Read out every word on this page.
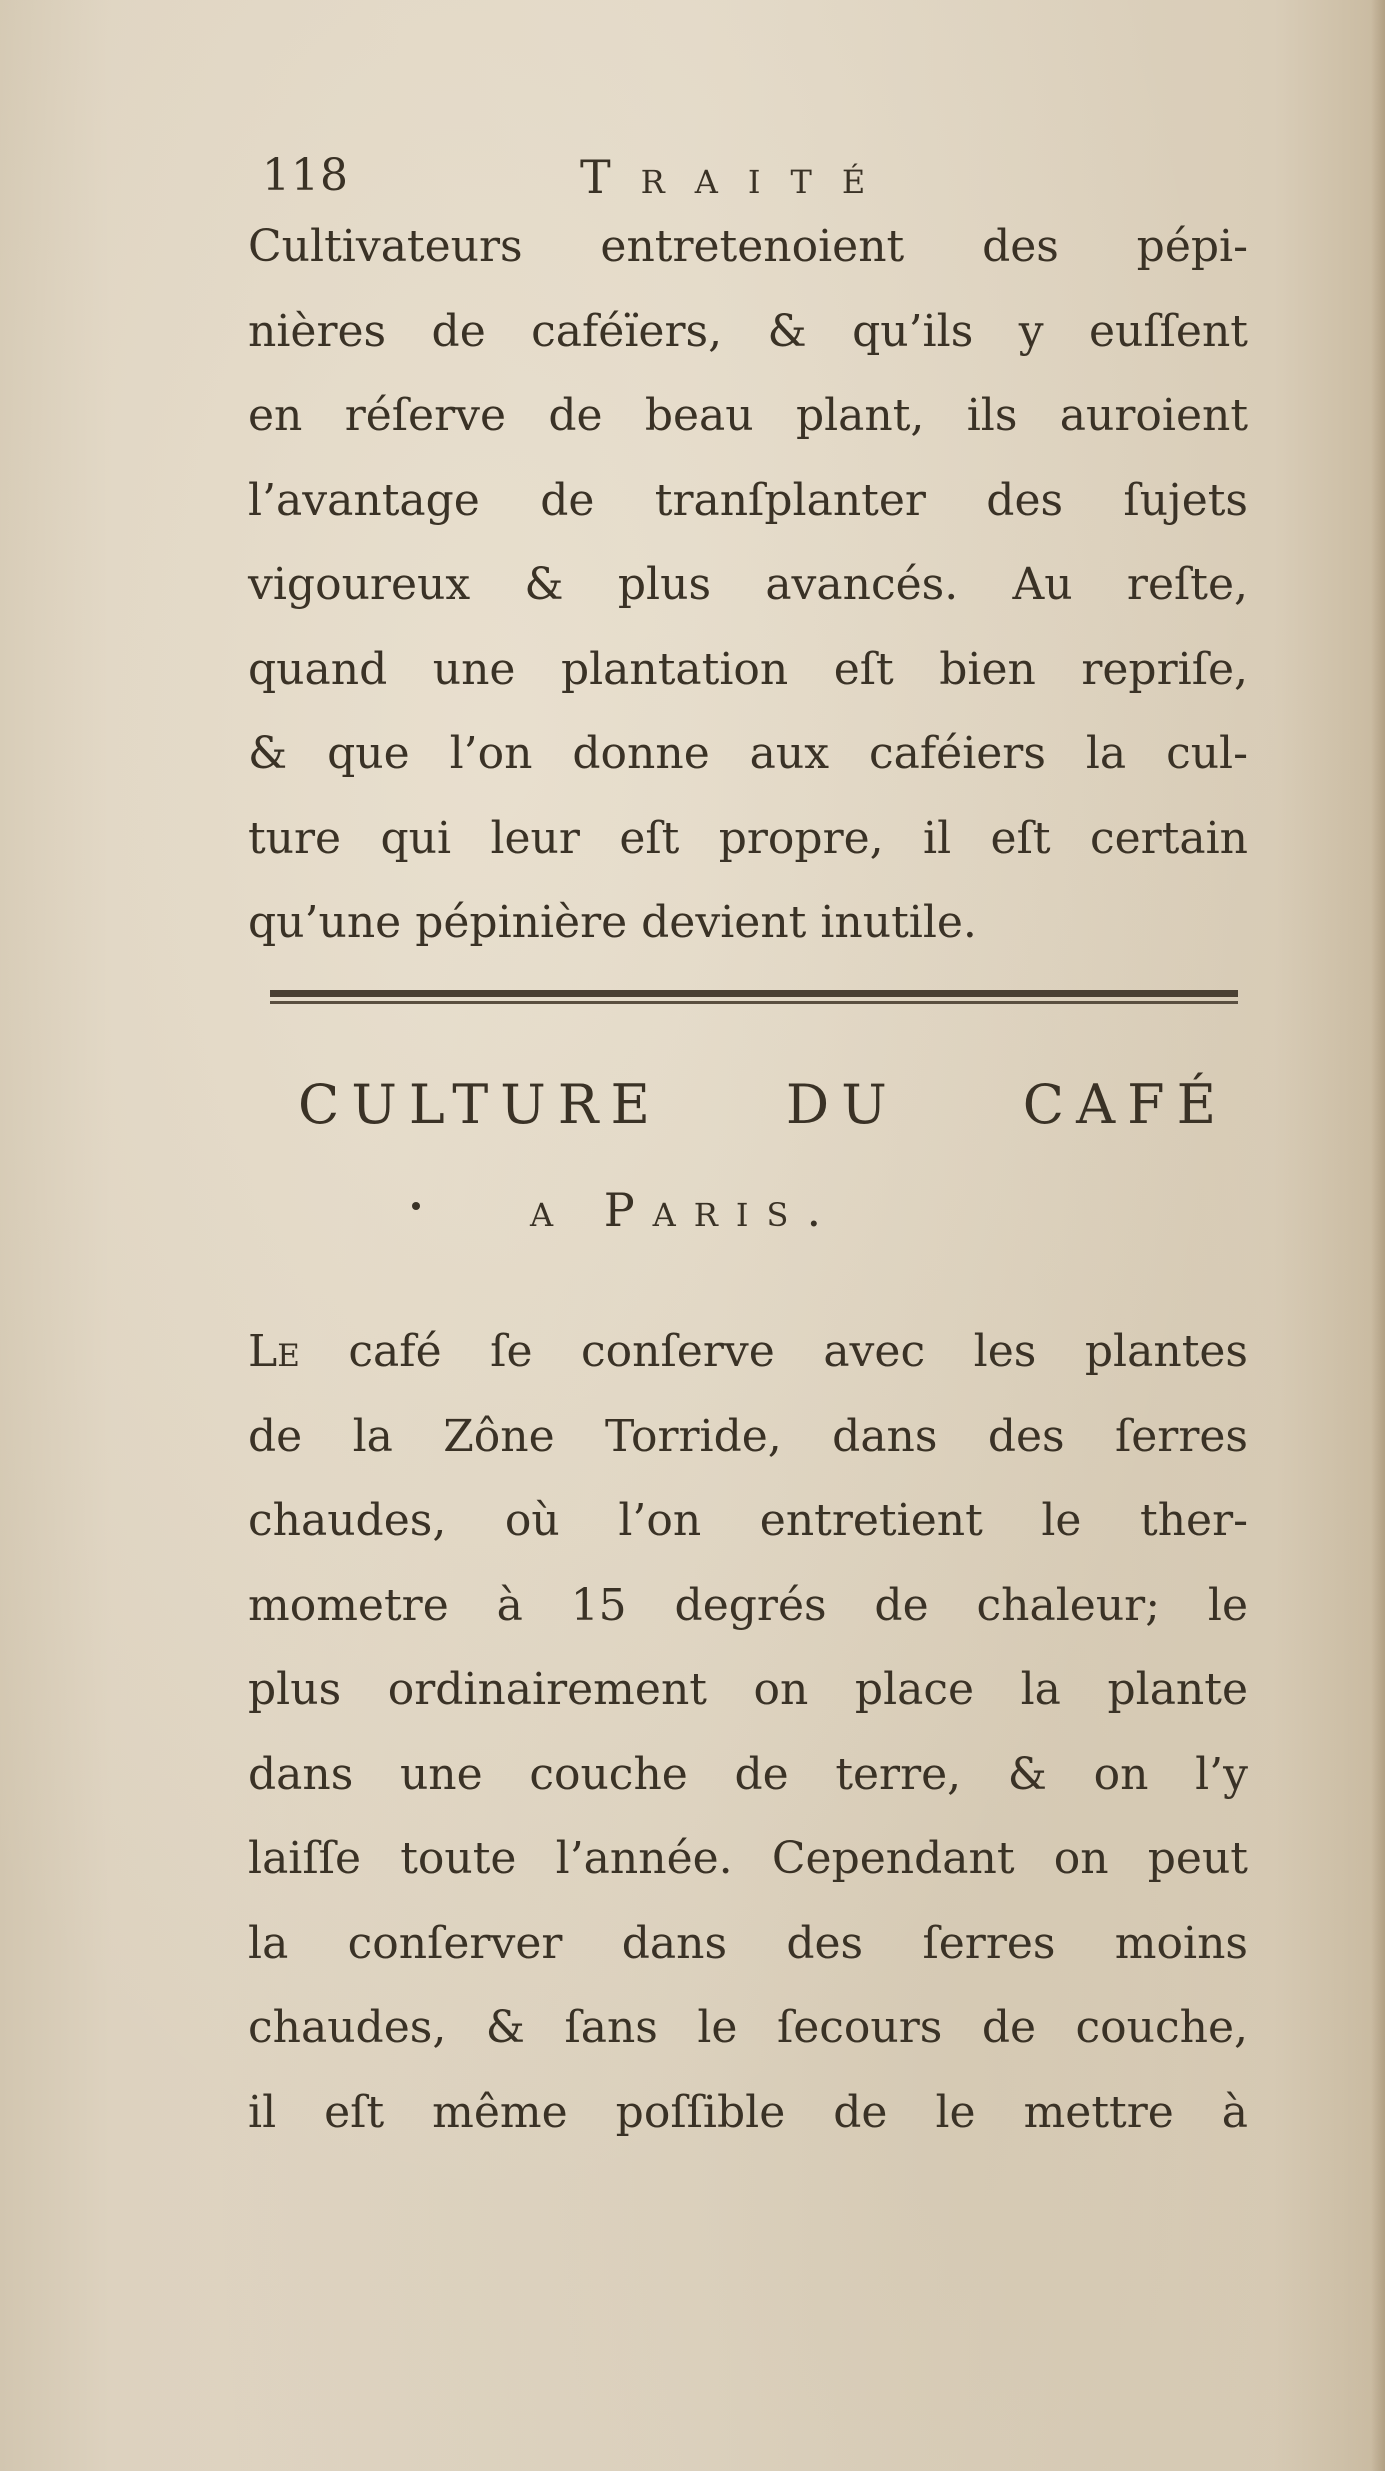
118	Traité
Cultivateurs entretenoient des pépi-
nières de caféïers, & qu’ils y euſſent
en réſerve de beau plant, ils auroient
l’avantage de tranſplanter des ſujets
vigoureux & plus avancés. Au reſte,
quand une plantation eſt bien repriſe,
& que l’on donne aux caféiers la cul-
ture qui leur eſt propre, il eſt certain
qu’une pépinière devient inutile.
CULTURE DU CAFÉ
a Paris.
Le café ſe conſerve avec les plantes
de la Zône Torride, dans des ſerres
chaudes, où l’on entretient le ther-
mometre à 15 degrés de chaleur; le
plus ordinairement on place la plante
dans une couche de terre, & on l’y
laiſſe toute l’année. Cependant on peut
la conſerver dans des ſerres moins
chaudes, & ſans le ſecours de couche,
il eſt même poſſible de le mettre à
